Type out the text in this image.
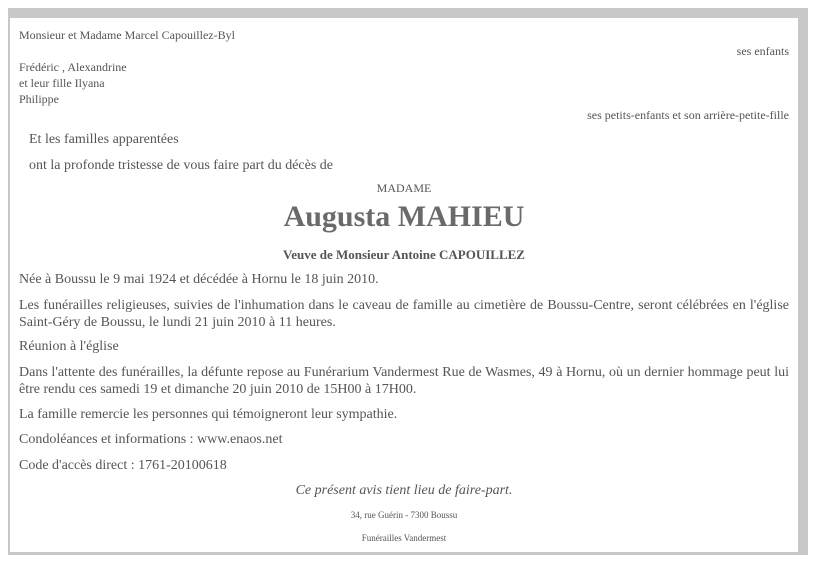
Monsieur et Madame Marcel Capouillez-Byl
ses enfants
Frédéric , Alexandrine
et leur fille Ilyana
Philippe
ses petits-enfants et son arrière-petite-fille
Et les familles apparentées
ont la profonde tristesse de vous faire part du décès de
MADAME
Augusta MAHIEU
Veuve de Monsieur Antoine CAPOUILLEZ
Née à Boussu le 9 mai 1924 et décédée à Hornu le 18 juin 2010.
Les funérailles religieuses, suivies de l'inhumation dans le caveau de famille au cimetière de Boussu-Centre, seront célébrées en l'église Saint-Géry de Boussu, le lundi 21 juin 2010 à 11 heures.
Réunion à l'église
Dans l'attente des funérailles, la défunte repose au Funérarium Vandermest Rue de Wasmes, 49 à Hornu, où un dernier hommage peut lui être rendu ces samedi 19 et dimanche 20 juin 2010 de 15H00 à 17H00.
La famille remercie les personnes qui témoigneront leur sympathie.
Condoléances et informations : www.enaos.net
Code d'accès direct : 1761-20100618
Ce présent avis tient lieu de faire-part.
34, rue Guérin - 7300 Boussu
Funérailles Vandermest
